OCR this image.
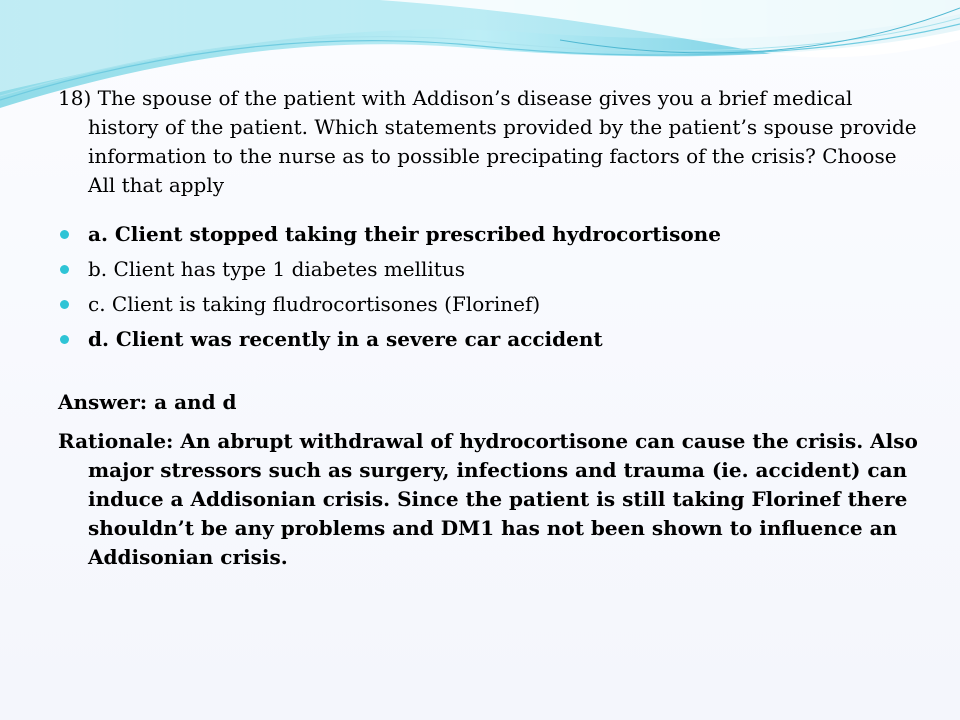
18) The spouse of the patient with Addison’s disease gives you a brief medical history of the patient. Which statements provided by the patient’s spouse provide information to the nurse as to possible precipating factors of the crisis? Choose All that apply

a. Client stopped taking their prescribed hydrocortisone
b. Client has type 1 diabetes mellitus
c. Client is taking fludrocortisones (Florinef)
d. Client was recently in a severe car accident

Answer: a and d

Rationale: An abrupt withdrawal of hydrocortisone can cause the crisis. Also major stressors such as surgery, infections and trauma (ie. accident) can induce a Addisonian crisis. Since the patient is still taking Florinef there shouldn’t be any problems and DM1 has not been shown to influence an Addisonian crisis.
